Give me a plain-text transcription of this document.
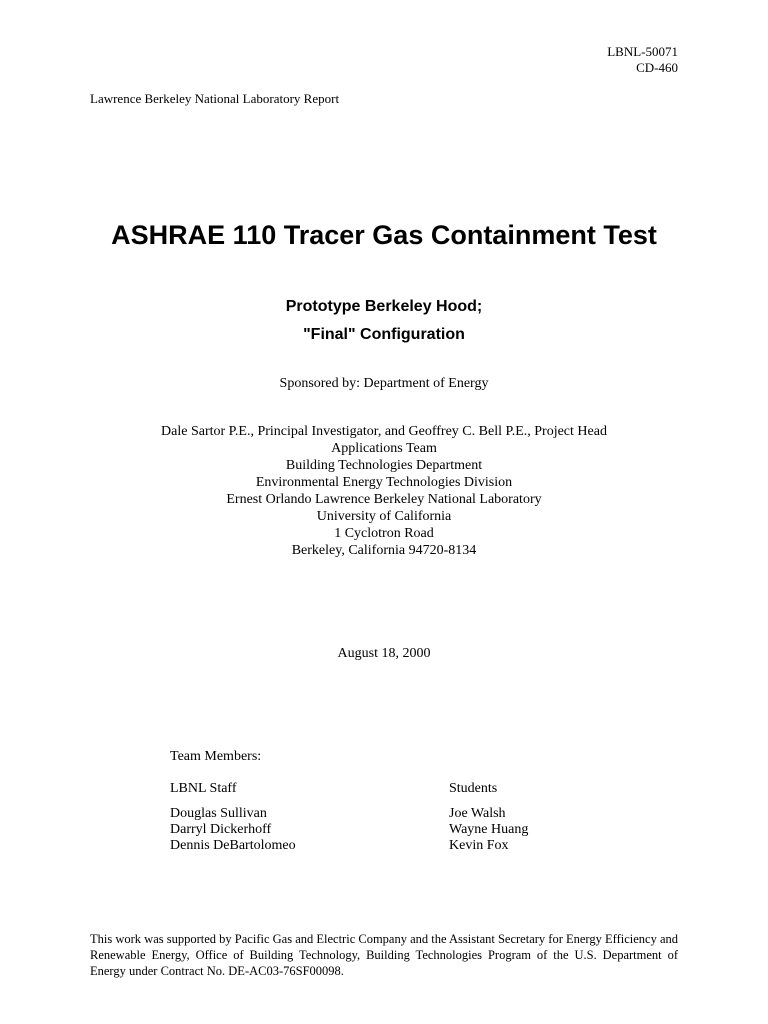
LBNL-50071
CD-460
Lawrence Berkeley National Laboratory Report
ASHRAE 110 Tracer Gas Containment Test
Prototype Berkeley Hood;
"Final" Configuration
Sponsored by: Department of Energy
Dale Sartor P.E., Principal Investigator, and Geoffrey C. Bell P.E., Project Head
Applications Team
Building Technologies Department
Environmental Energy Technologies Division
Ernest Orlando Lawrence Berkeley National Laboratory
University of California
1 Cyclotron Road
Berkeley, California 94720-8134
August 18, 2000
Team Members:
LBNL Staff
Douglas Sullivan
Darryl Dickerhoff
Dennis DeBartolomeo
Students
Joe Walsh
Wayne Huang
Kevin Fox
This work was supported by Pacific Gas and Electric Company and the Assistant Secretary for Energy Efficiency and Renewable Energy, Office of Building Technology, Building Technologies Program of the U.S. Department of Energy under Contract No. DE-AC03-76SF00098.
